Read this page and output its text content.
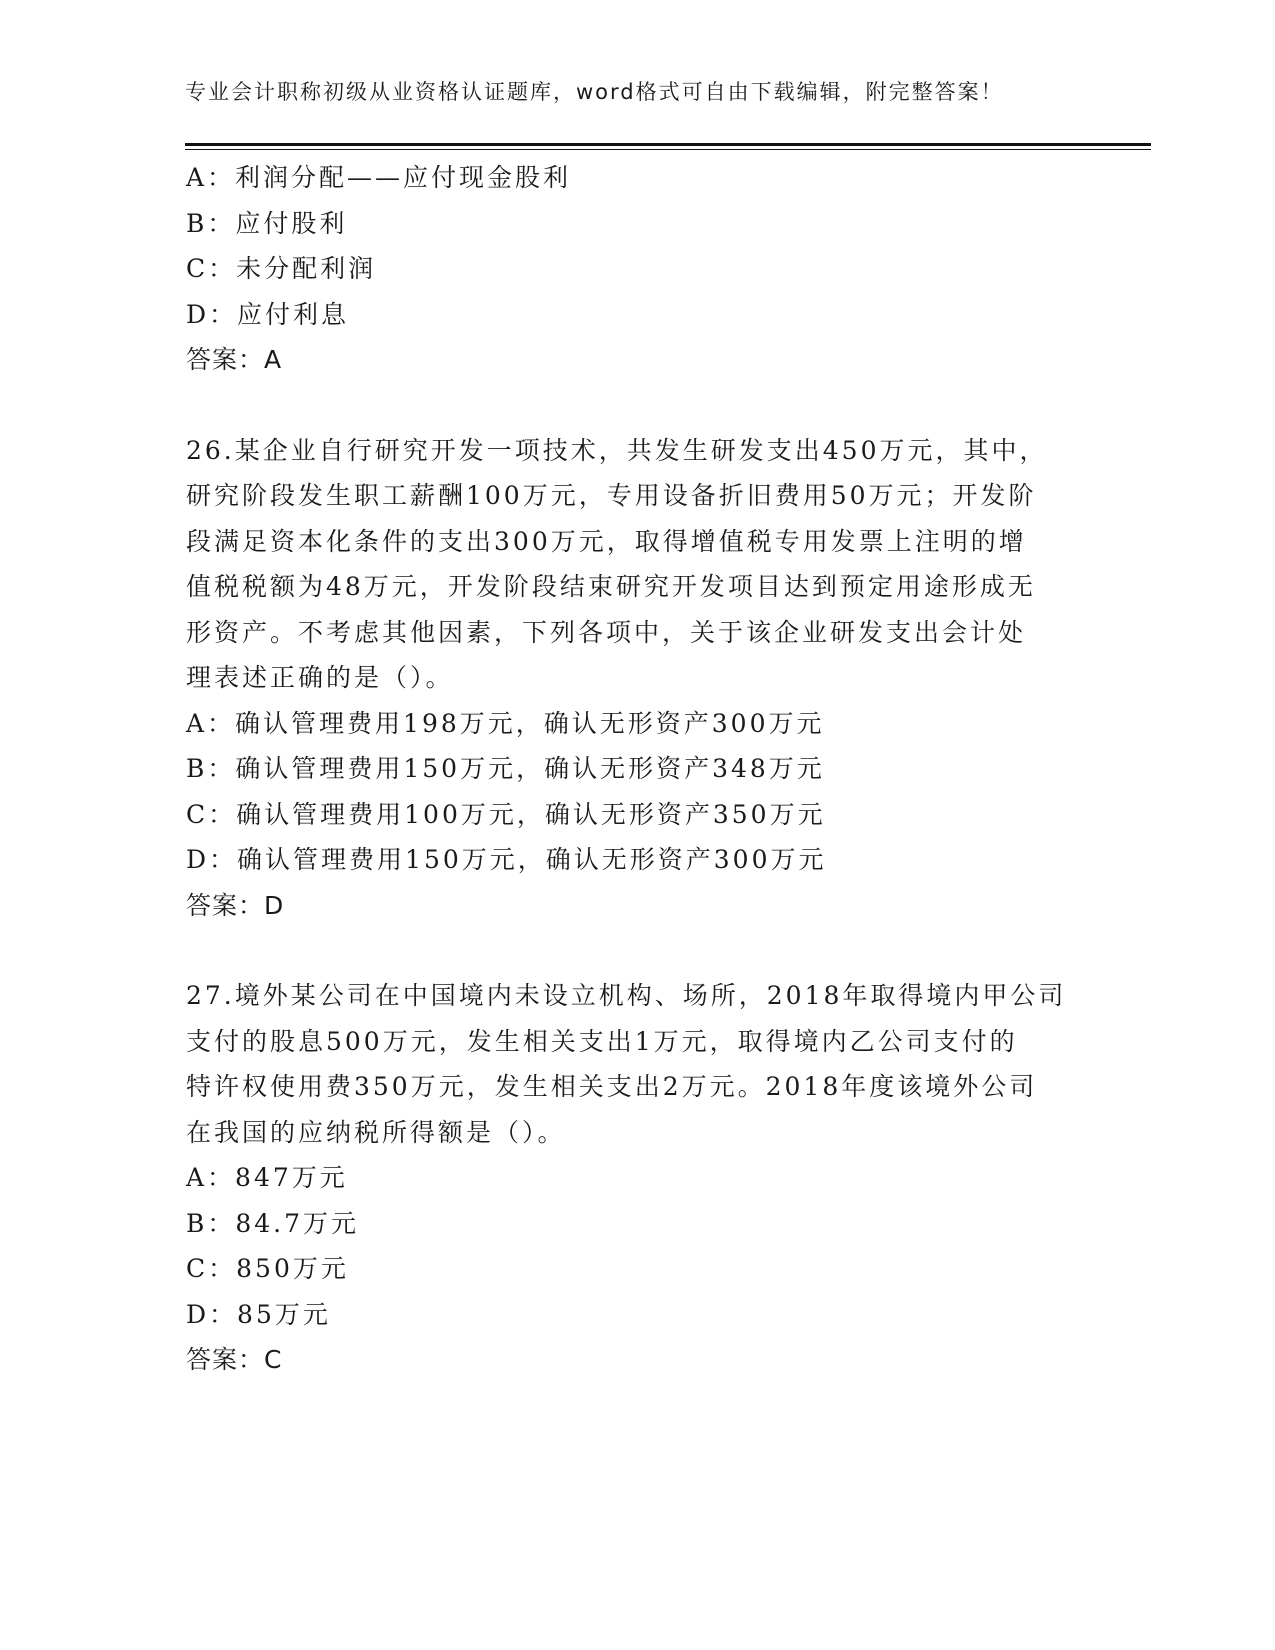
专业会计职称初级从业资格认证题库，word格式可自由下载编辑，附完整答案！
A：利润分配——应付现金股利
B：应付股利
C：未分配利润
D：应付利息
答案：A
26.某企业自行研究开发一项技术，共发生研发支出450万元，其中，
研究阶段发生职工薪酬100万元，专用设备折旧费用50万元；开发阶
段满足资本化条件的支出300万元，取得增值税专用发票上注明的增
值税税额为48万元，开发阶段结束研究开发项目达到预定用途形成无
形资产。不考虑其他因素，下列各项中，关于该企业研发支出会计处
理表述正确的是（）。
A：确认管理费用198万元，确认无形资产300万元
B：确认管理费用150万元，确认无形资产348万元
C：确认管理费用100万元，确认无形资产350万元
D：确认管理费用150万元，确认无形资产300万元
答案：D
27.境外某公司在中国境内未设立机构、场所，2018年取得境内甲公司
支付的股息500万元，发生相关支出1万元，取得境内乙公司支付的
特许权使用费350万元，发生相关支出2万元。2018年度该境外公司
在我国的应纳税所得额是（）。
A：847万元
B：84.7万元
C：850万元
D：85万元
答案：C
